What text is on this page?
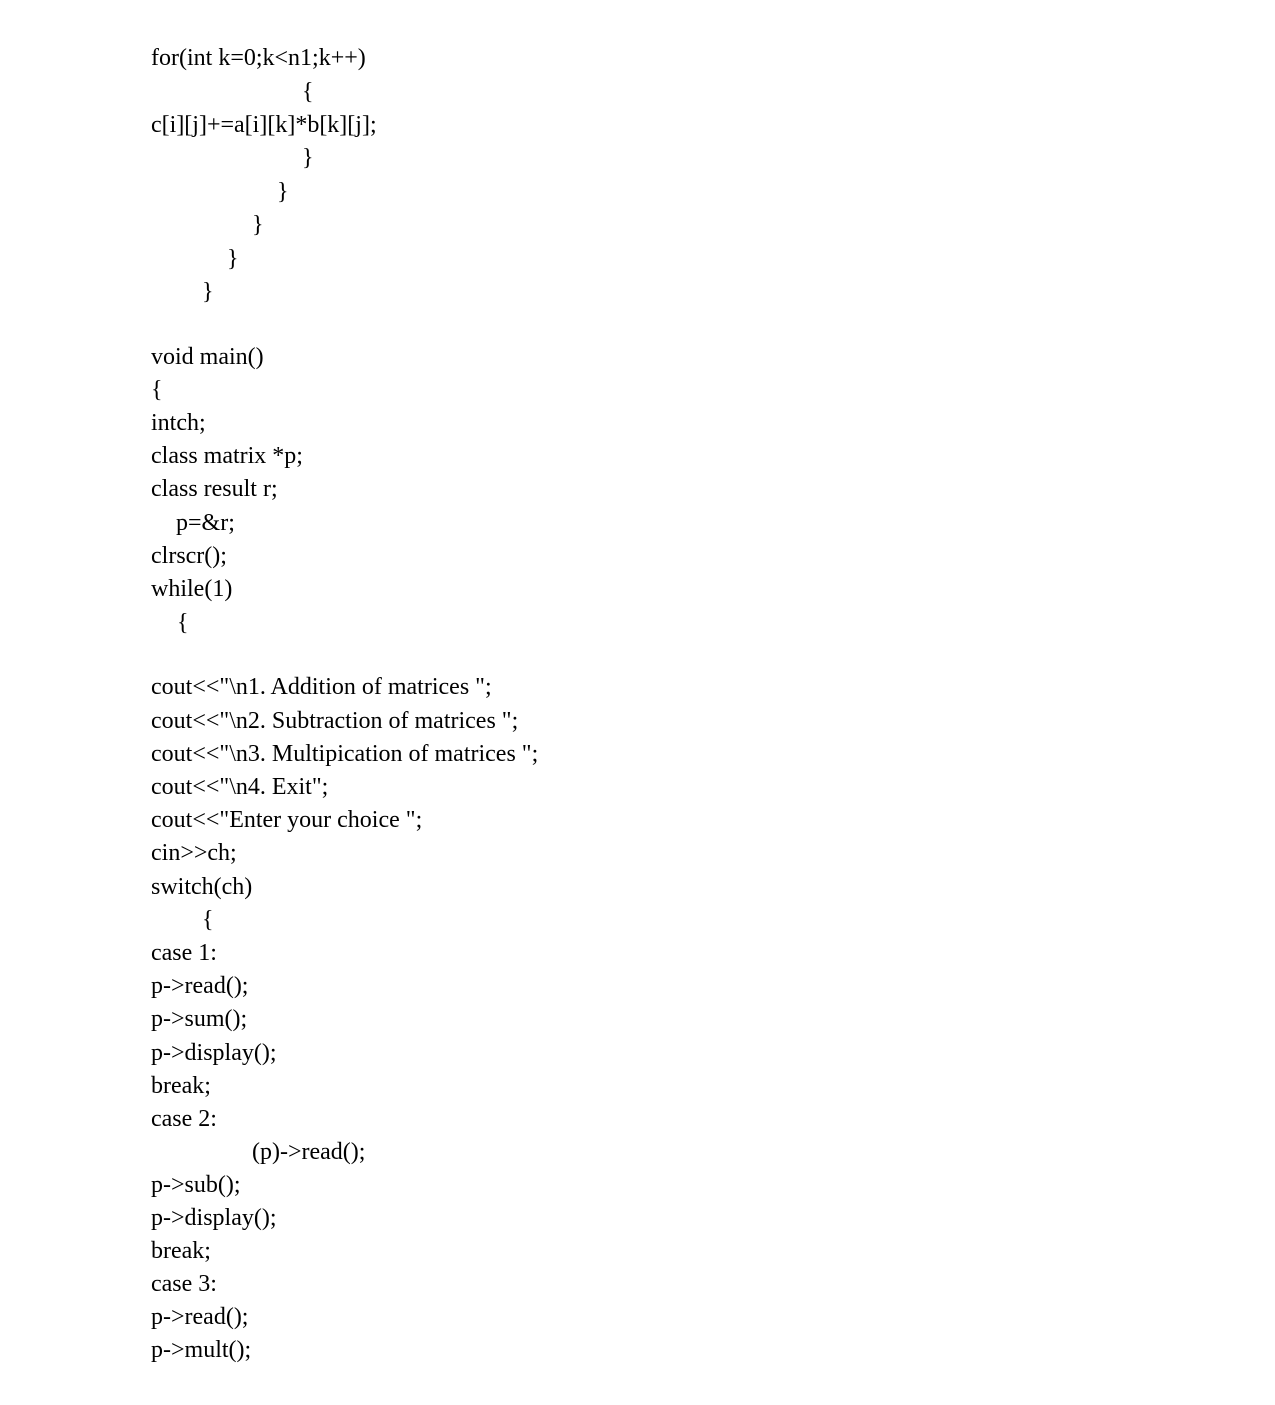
for(int k=0;k<n1;k++)
{
c[i][j]+=a[i][k]*b[k][j];
}
}
}
}
}
void main()
{
intch;
class matrix *p;
class result r;
p=&r;
clrscr();
while(1)
{
cout<<"\n1. Addition of matrices ";
cout<<"\n2. Subtraction of matrices ";
cout<<"\n3. Multipication of matrices ";
cout<<"\n4. Exit";
cout<<"Enter your choice ";
cin>>ch;
switch(ch)
{
case 1:
p->read();
p->sum();
p->display();
break;
case 2:
(p)->read();
p->sub();
p->display();
break;
case 3:
p->read();
p->mult();
